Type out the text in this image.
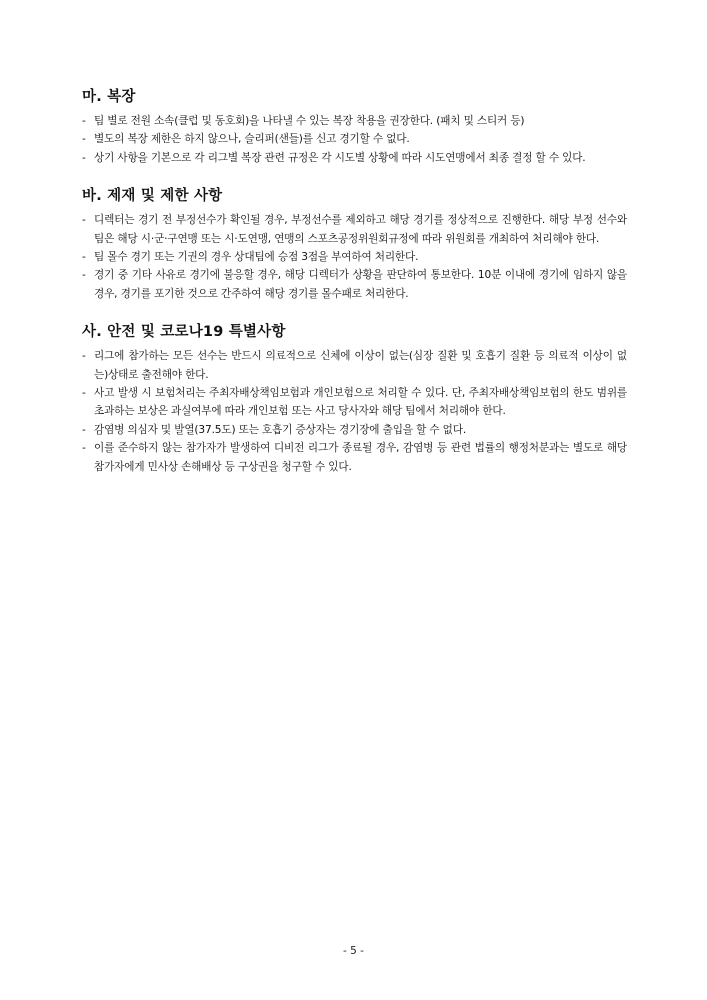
마. 복장
- 팀 별로 전원 소속(클럽 및 동호회)을 나타낼 수 있는 복장 착용을 권장한다. (패치 및 스티커 등)
- 별도의 복장 제한은 하지 않으나, 슬리퍼(샌들)를 신고 경기할 수 없다.
- 상기 사항을 기본으로 각 리그별 복장 관련 규정은 각 시도별 상황에 따라 시도연맹에서 최종 결정 할 수 있다.
바. 제재 및 제한 사항
- 디렉터는 경기 전 부정선수가 확인될 경우, 부정선수를 제외하고 해당 경기를 정상적으로 진행한다. 해당 부정 선수와 팀은 해당 시·군·구연맹 또는 시·도연맹, 연맹의 스포츠공정위원회규정에 따라 위원회를 개최하여 처리해야 한다.
- 팀 몰수 경기 또는 기권의 경우 상대팀에 승점 3점을 부여하여 처리한다.
- 경기 중 기타 사유로 경기에 불응할 경우, 해당 디렉터가 상황을 판단하여 통보한다. 10분 이내에 경기에 임하지 않을 경우, 경기를 포기한 것으로 간주하여 해당 경기를 몰수패로 처리한다.
사. 안전 및 코로나19 특별사항
- 리그에 참가하는 모든 선수는 반드시 의료적으로 신체에 이상이 없는(심장 질환 및 호흡기 질환 등 의료적 이상이 없는)상태로 출전해야 한다.
- 사고 발생 시 보험처리는 주최자배상책임보험과 개인보험으로 처리할 수 있다. 단, 주최자배상책임보험의 한도 범위를 초과하는 보상은 과실여부에 따라 개인보험 또는 사고 당사자와 해당 팀에서 처리해야 한다.
- 감염병 의심자 및 발열(37.5도) 또는 호흡기 증상자는 경기장에 출입을 할 수 없다.
- 이를 준수하지 않는 참가자가 발생하여 디비전 리그가 종료될 경우, 감염병 등 관련 법률의 행정처분과는 별도로 해당 참가자에게 민사상 손해배상 등 구상권을 청구할 수 있다.
- 5 -
